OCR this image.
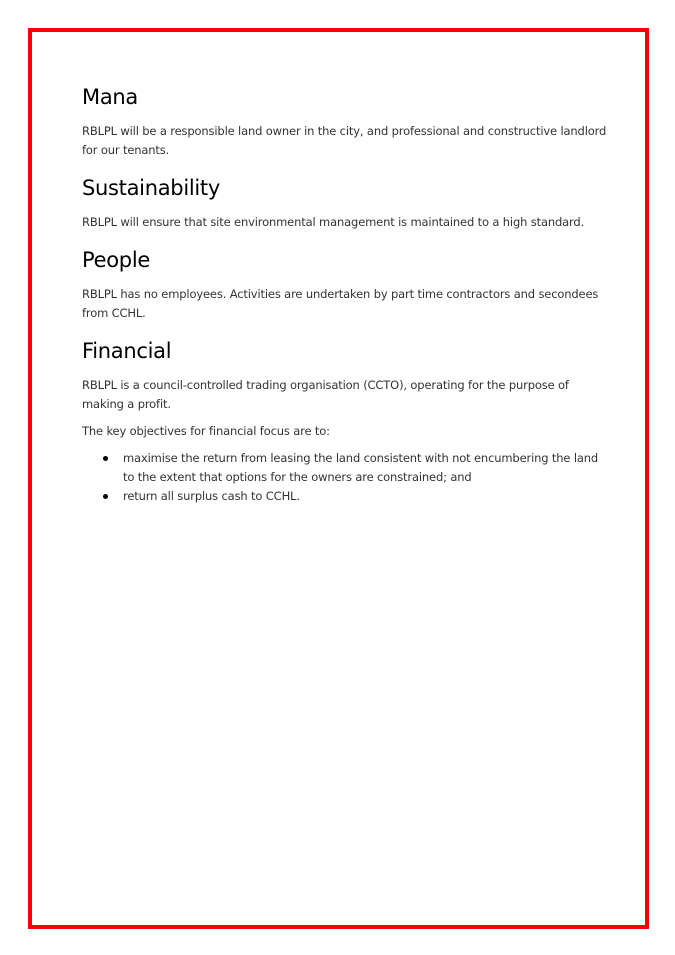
Mana

RBLPL will be a responsible land owner in the city, and professional and constructive landlord for our tenants.

Sustainability

RBLPL will ensure that site environmental management is maintained to a high standard.

People

RBLPL has no employees. Activities are undertaken by part time contractors and secondees from CCHL.

Financial

RBLPL is a council-controlled trading organisation (CCTO), operating for the purpose of making a profit.

The key objectives for financial focus are to:

maximise the return from leasing the land consistent with not encumbering the land to the extent that options for the owners are constrained; and
return all surplus cash to CCHL.
